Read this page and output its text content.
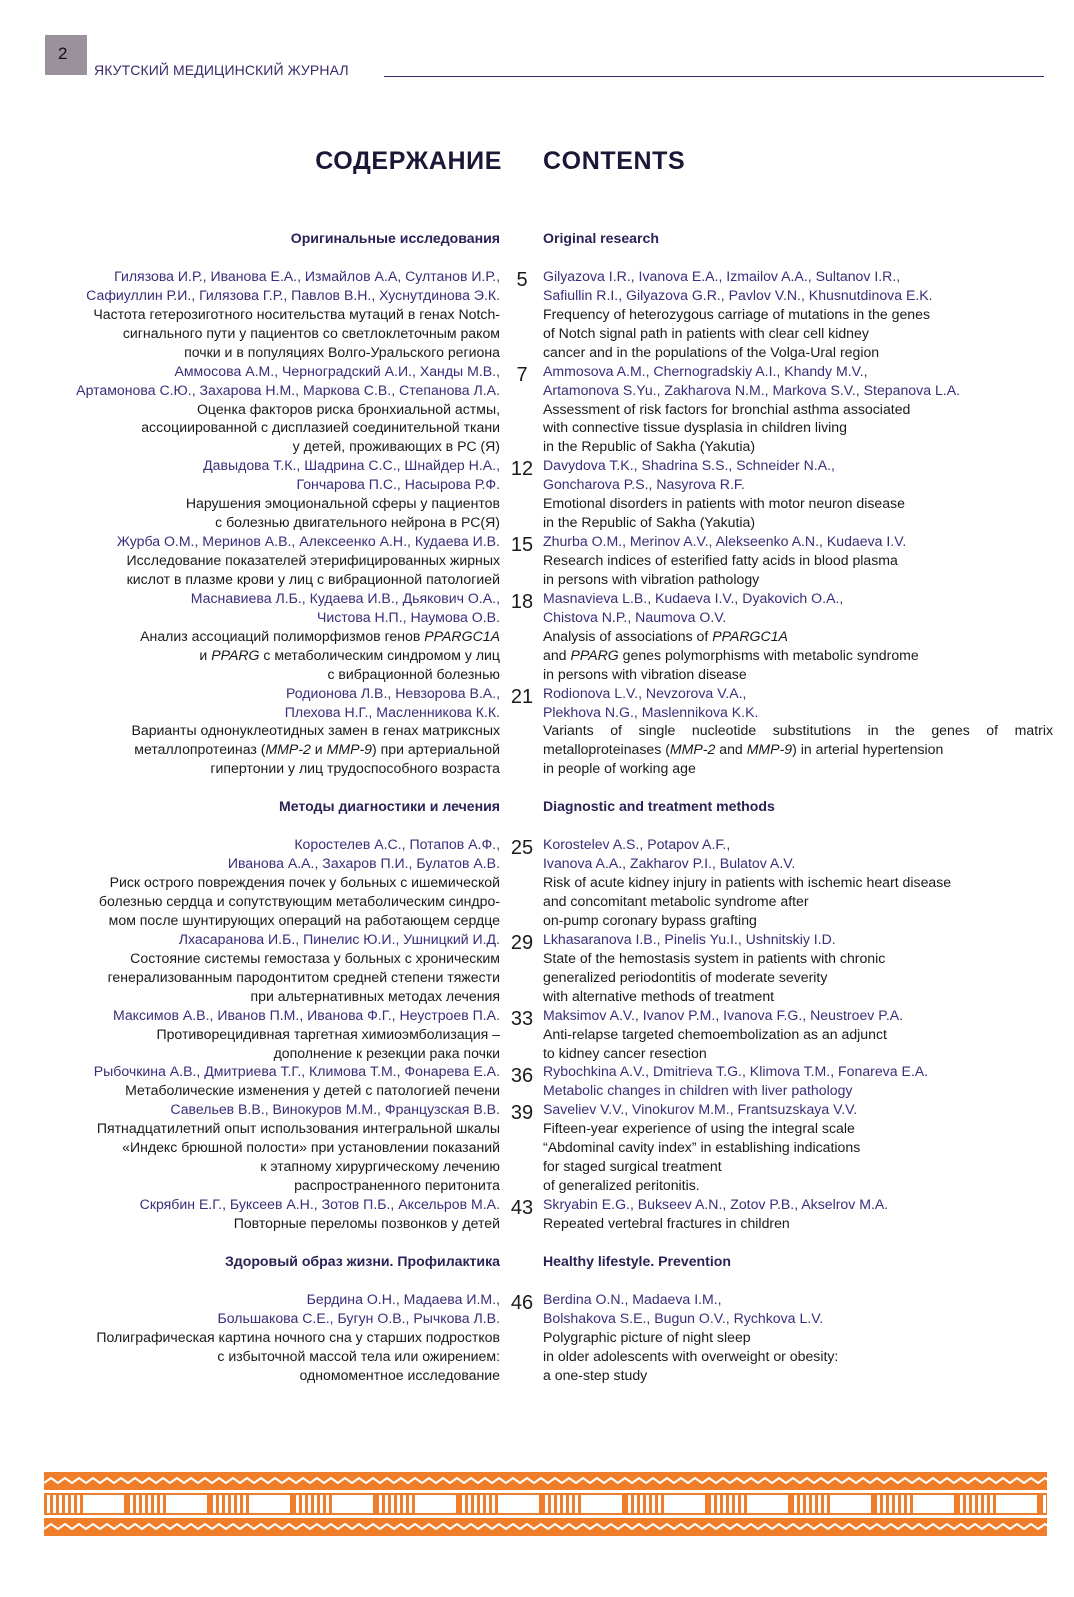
2
ЯКУТСКИЙ МЕДИЦИНСКИЙ ЖУРНАЛ
СОДЕРЖАНИЕ CONTENTS
Оригинальные исследования
Гилязова И.Р., Иванова Е.А., Измайлов А.А, Султанов И.Р.,
Сафиуллин Р.И., Гилязова Г.Р., Павлов В.Н., Хуснутдинова Э.К.
Частота гетерозиготного носительства мутаций в генах Notch-
сигнального пути у пациентов со светлоклеточным раком
почки и в популяциях Волго-Уральского региона
Аммосова А.М., Черноградский А.И., Ханды М.В.,
Артамонова С.Ю., Захарова Н.М., Маркова С.В., Степанова Л.А.
Оценка факторов риска бронхиальной астмы,
ассоциированной с дисплазией соединительной ткани
у детей, проживающих в РС (Я)
Давыдова Т.К., Шадрина С.С., Шнайдер Н.А.,
Гончарова П.С., Насырова Р.Ф.
Нарушения эмоциональной сферы у пациентов
с болезнью двигательного нейрона в РС(Я)
Журба О.М., Меринов А.В., Алексеенко А.Н., Кудаева И.В.
Исследование показателей этерифицированных жирных
кислот в плазме крови у лиц с вибрационной патологией
Маснавиева Л.Б., Кудаева И.В., Дьякович О.А.,
Чистова Н.П., Наумова О.В.
Анализ ассоциаций полиморфизмов генов PPARGC1A
и PPARG с метаболическим синдромом у лиц
с вибрационной болезнью
Родионова Л.В., Невзорова В.А.,
Плехова Н.Г., Масленникова К.К.
Варианты однонуклеотидных замен в генах матриксных
металлопротеиназ (MMP-2 и MMP-9) при артериальной
гипертонии у лиц трудоспособного возраста
Методы диагностики и лечения
Коростелев А.С., Потапов А.Ф.,
Иванова А.А., Захаров П.И., Булатов А.В.
Риск острого повреждения почек у больных с ишемической
болезнью сердца и сопутствующим метаболическим синдро-
мом после шунтирующих операций на работающем сердце
Лхасаранова И.Б., Пинелис Ю.И., Ушницкий И.Д.
Состояние системы гемостаза у больных с хроническим
генерализованным пародонтитом средней степени тяжести
при альтернативных методах лечения
Максимов А.В., Иванов П.М., Иванова Ф.Г., Неустроев П.А.
Противорецидивная таргетная химиоэмболизация –
дополнение к резекции рака почки
Рыбочкина А.В., Дмитриева Т.Г., Климова Т.М., Фонарева Е.А.
Метаболические изменения у детей с патологией печени
Савельев В.В., Винокуров М.М., Французская В.В.
Пятнадцатилетний опыт использования интегральной шкалы
«Индекс брюшной полости» при установлении показаний
к этапному хирургическому лечению
распространенного перитонита
Скрябин Е.Г., Буксеев А.Н., Зотов П.Б., Аксельров М.А.
Повторные переломы позвонков у детей
Здоровый образ жизни. Профилактика
Бердина О.Н., Мадаева И.М.,
Большакова С.Е., Бугун О.В., Рычкова Л.В.
Полиграфическая картина ночного сна у старших подростков
с избыточной массой тела или ожирением:
одномоментное исследование
5
7
12
15
18
21
25
29
33
36
39
43
46
Original research
Gilyazova I.R., Ivanova E.A., Izmailov A.A., Sultanov I.R.,
Safiullin R.I., Gilyazova G.R., Pavlov V.N., Khusnutdinova E.K.
Frequency of heterozygous carriage of mutations in the genes
of Notch signal path in patients with clear cell kidney
cancer and in the populations of the Volga-Ural region
Ammosova A.M., Chernogradskiy A.I., Khandy M.V.,
Artamonova S.Yu., Zakharova N.M., Markova S.V., Stepanova L.A.
Assessment of risk factors for bronchial asthma associated
with connective tissue dysplasia in children living
in the Republic of Sakha (Yakutia)
Davydova T.K., Shadrina S.S., Schneider N.A.,
Goncharova P.S., Nasyrova R.F.
Emotional disorders in patients with motor neuron disease
in the Republic of Sakha (Yakutia)
Zhurba O.M., Merinov A.V., Alekseenko A.N., Kudaeva I.V.
Research indices of esterified fatty acids in blood plasma
in persons with vibration pathology
Masnavieva L.B., Kudaeva I.V., Dyakovich O.A.,
Chistova N.P., Naumova O.V.
Analysis of associations of PPARGC1A
and PPARG genes polymorphisms with metabolic syndrome
in persons with vibration disease
Rodionova L.V., Nevzorova V.A.,
Plekhova N.G., Maslennikova K.K.
Variants of single nucleotide substitutions in the genes of matrix
metalloproteinases (MMP-2 and MMP-9) in arterial hypertension
in people of working age
Diagnostic and treatment methods
Korostelev A.S., Potapov A.F.,
Ivanova A.A., Zakharov P.I., Bulatov A.V.
Risk of acute kidney injury in patients with ischemic heart disease
and concomitant metabolic syndrome after
on-pump coronary bypass grafting
Lkhasaranova I.B., Pinelis Yu.I., Ushnitskiy I.D.
State of the hemostasis system in patients with chronic
generalized periodontitis of moderate severity
with alternative methods of treatment
Maksimov A.V., Ivanov P.M., Ivanova F.G., Neustroev P.A.
Anti-relapse targeted chemoembolization as an adjunct
to kidney cancer resection
Rybochkina A.V., Dmitrieva T.G., Klimova T.M., Fonareva E.A.
Metabolic changes in children with liver pathology
Saveliev V.V., Vinokurov M.M., Frantsuzskaya V.V.
Fifteen-year experience of using the integral scale
“Abdominal cavity index” in establishing indications
for staged surgical treatment
of generalized peritonitis.
Skryabin E.G., Bukseev A.N., Zotov P.B., Akselrov M.A.
Repeated vertebral fractures in children
Healthy lifestyle. Prevention
Berdina O.N., Madaeva I.M.,
Bolshakova S.E., Bugun O.V., Rychkova L.V.
Polygraphic picture of night sleep
in older adolescents with overweight or obesity:
a one-step study
